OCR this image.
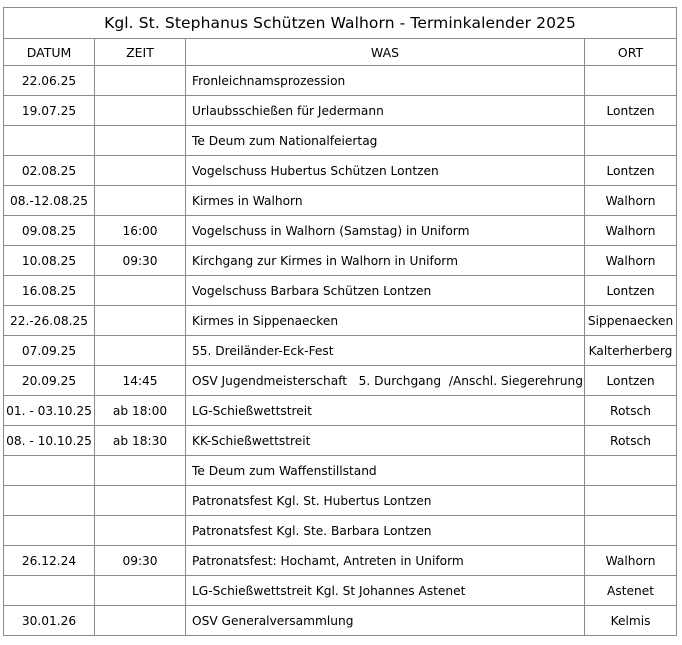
Kgl. St. Stephanus Schützen Walhorn - Terminkalender 2025			
DATUM	ZEIT	WAS	ORT
22.06.25		Fronleichnamsprozession	
19.07.25		Urlaubsschießen für Jedermann	Lontzen
		Te Deum zum Nationalfeiertag	
02.08.25		Vogelschuss Hubertus Schützen Lontzen	Lontzen
08.-12.08.25		Kirmes in Walhorn	Walhorn
09.08.25	16:00	Vogelschuss in Walhorn (Samstag) in Uniform	Walhorn
10.08.25	09:30	Kirchgang zur Kirmes in Walhorn in Uniform	Walhorn
16.08.25		Vogelschuss Barbara Schützen Lontzen	Lontzen
22.-26.08.25		Kirmes in Sippenaecken	Sippenaecken
07.09.25		55. Dreiländer-Eck-Fest	Kalterherberg
20.09.25	14:45	OSV Jugendmeisterschaft   5. Durchgang  /Anschl. Siegerehrung	Lontzen
01. - 03.10.25	ab 18:00	LG-Schießwettstreit	Rotsch
08. - 10.10.25	ab 18:30	KK-Schießwettstreit	Rotsch
		Te Deum zum Waffenstillstand	
		Patronatsfest Kgl. St. Hubertus Lontzen	
		Patronatsfest Kgl. Ste. Barbara Lontzen	
26.12.24	09:30	Patronatsfest: Hochamt, Antreten in Uniform	Walhorn
		LG-Schießwettstreit Kgl. St Johannes Astenet	Astenet
30.01.26		OSV Generalversammlung	Kelmis
